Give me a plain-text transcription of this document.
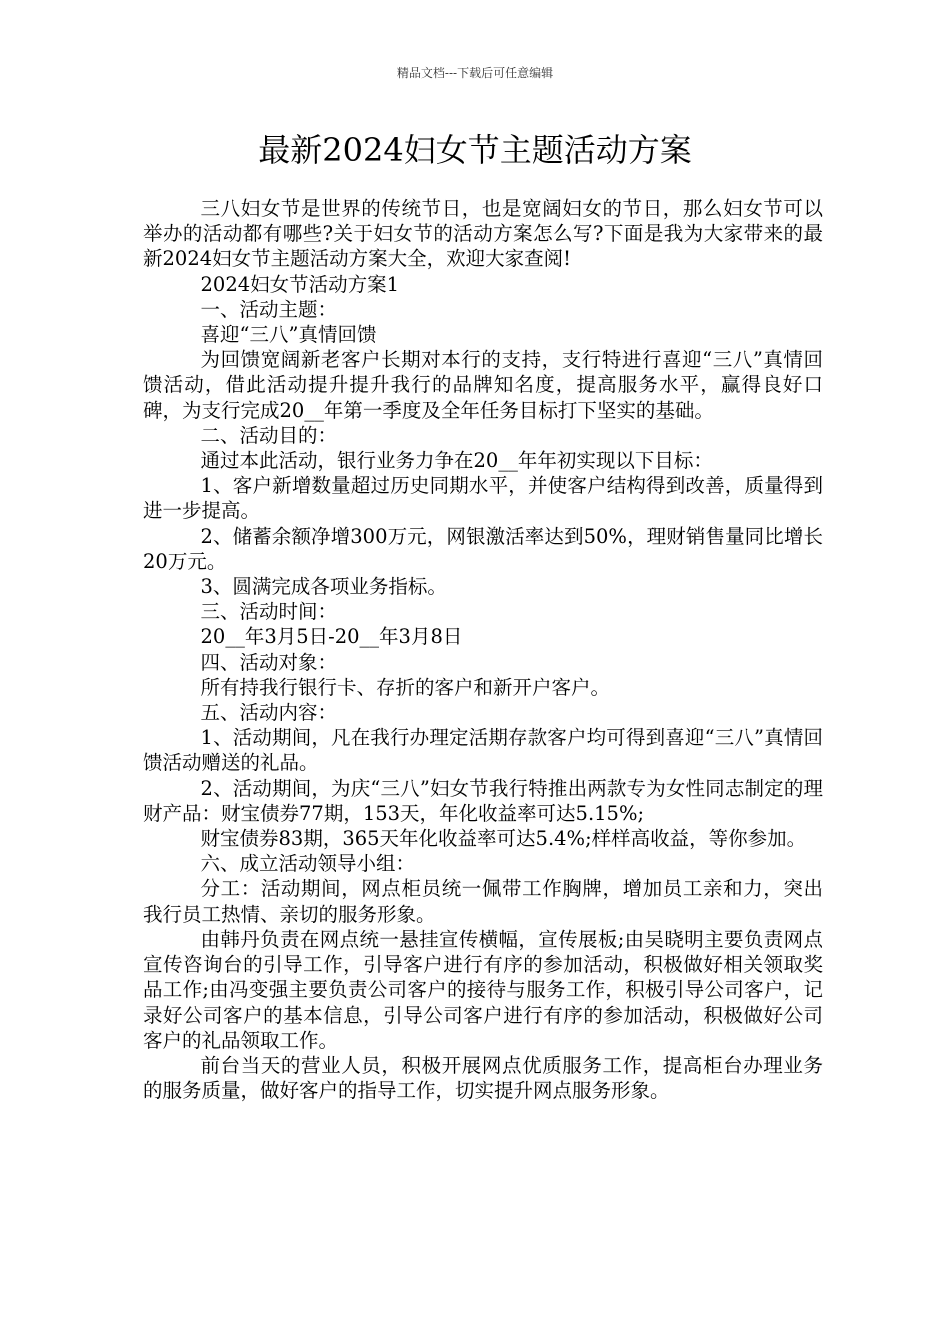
精品文档---下载后可任意编辑
最新2024妇女节主题活动方案

三八妇女节是世界的传统节日，也是宽阔妇女的节日，那么妇女节可以举办的活动都有哪些?关于妇女节的活动方案怎么写?下面是我为大家带来的最新2024妇女节主题活动方案大全，欢迎大家查阅!

2024妇女节活动方案1

一、活动主题：

喜迎“三八”真情回馈

为回馈宽阔新老客户长期对本行的支持，支行特进行喜迎“三八”真情回馈活动，借此活动提升提升我行的品牌知名度，提高服务水平，赢得良好口碑，为支行完成20__年第一季度及全年任务目标打下坚实的基础。

二、活动目的：

通过本此活动，银行业务力争在20__年年初实现以下目标：

1、客户新增数量超过历史同期水平，并使客户结构得到改善，质量得到进一步提高。

2、储蓄余额净增300万元，网银激活率达到50%，理财销售量同比增长20万元。

3、圆满完成各项业务指标。

三、活动时间：

20__年3月5日-20__年3月8日

四、活动对象：

所有持我行银行卡、存折的客户和新开户客户。

五、活动内容：

1、活动期间，凡在我行办理定活期存款客户均可得到喜迎“三八”真情回馈活动赠送的礼品。

2、活动期间，为庆“三八”妇女节我行特推出两款专为女性同志制定的理财产品：财宝债券77期，153天，年化收益率可达5.15%;

财宝债券83期，365天年化收益率可达5.4%;样样高收益，等你参加。

六、成立活动领导小组：

分工：活动期间，网点柜员统一佩带工作胸牌，增加员工亲和力，突出我行员工热情、亲切的服务形象。

由韩丹负责在网点统一悬挂宣传横幅，宣传展板;由吴晓明主要负责网点宣传咨询台的引导工作，引导客户进行有序的参加活动，积极做好相关领取奖品工作;由冯变强主要负责公司客户的接待与服务工作，积极引导公司客户，记录好公司客户的基本信息，引导公司客户进行有序的参加活动，积极做好公司客户的礼品领取工作。

前台当天的营业人员，积极开展网点优质服务工作，提高柜台办理业务的服务质量，做好客户的指导工作，切实提升网点服务形象。
